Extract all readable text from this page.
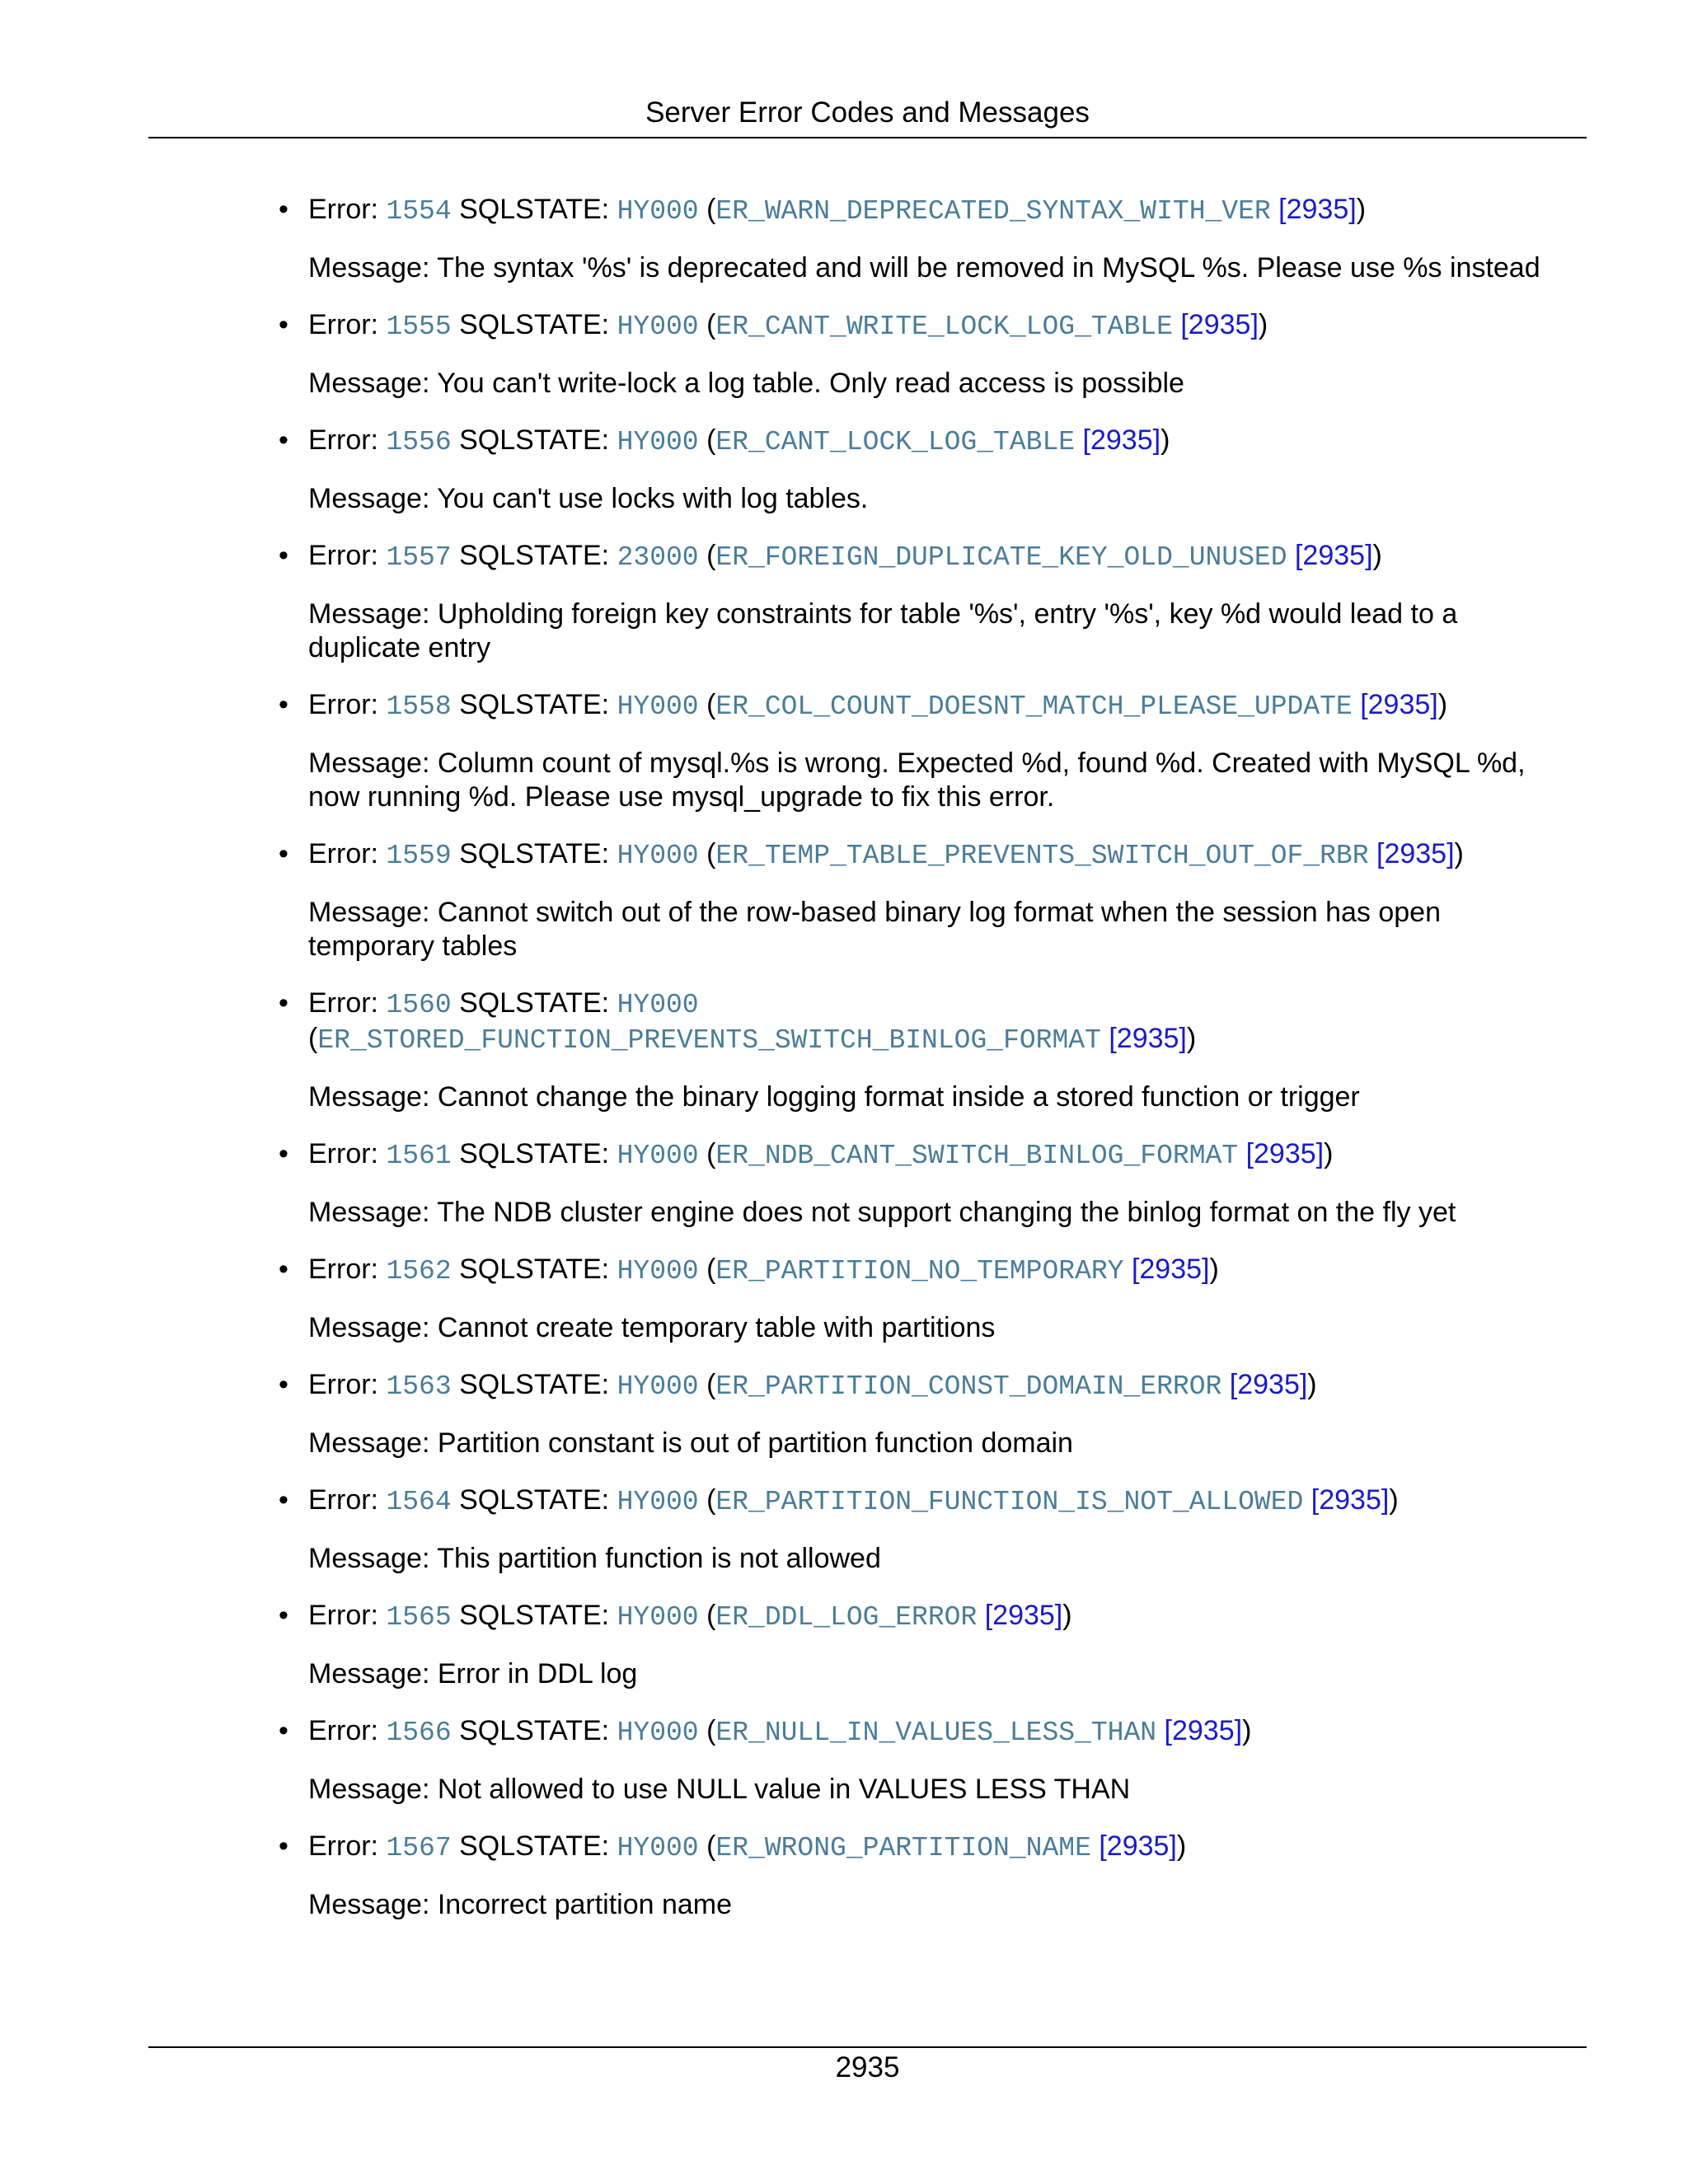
Server Error Codes and Messages
• Error: 1554 SQLSTATE: HY000 (ER_WARN_DEPRECATED_SYNTAX_WITH_VER [2935])

Message: The syntax '%s' is deprecated and will be removed in MySQL %s. Please use %s instead

• Error: 1555 SQLSTATE: HY000 (ER_CANT_WRITE_LOCK_LOG_TABLE [2935])

Message: You can't write-lock a log table. Only read access is possible

• Error: 1556 SQLSTATE: HY000 (ER_CANT_LOCK_LOG_TABLE [2935])

Message: You can't use locks with log tables.

• Error: 1557 SQLSTATE: 23000 (ER_FOREIGN_DUPLICATE_KEY_OLD_UNUSED [2935])

Message: Upholding foreign key constraints for table '%s', entry '%s', key %d would lead to a duplicate entry

• Error: 1558 SQLSTATE: HY000 (ER_COL_COUNT_DOESNT_MATCH_PLEASE_UPDATE [2935])

Message: Column count of mysql.%s is wrong. Expected %d, found %d. Created with MySQL %d, now running %d. Please use mysql_upgrade to fix this error.

• Error: 1559 SQLSTATE: HY000 (ER_TEMP_TABLE_PREVENTS_SWITCH_OUT_OF_RBR [2935])

Message: Cannot switch out of the row-based binary log format when the session has open temporary tables

• Error: 1560 SQLSTATE: HY000
(ER_STORED_FUNCTION_PREVENTS_SWITCH_BINLOG_FORMAT [2935])

Message: Cannot change the binary logging format inside a stored function or trigger

• Error: 1561 SQLSTATE: HY000 (ER_NDB_CANT_SWITCH_BINLOG_FORMAT [2935])

Message: The NDB cluster engine does not support changing the binlog format on the fly yet

• Error: 1562 SQLSTATE: HY000 (ER_PARTITION_NO_TEMPORARY [2935])

Message: Cannot create temporary table with partitions

• Error: 1563 SQLSTATE: HY000 (ER_PARTITION_CONST_DOMAIN_ERROR [2935])

Message: Partition constant is out of partition function domain

• Error: 1564 SQLSTATE: HY000 (ER_PARTITION_FUNCTION_IS_NOT_ALLOWED [2935])

Message: This partition function is not allowed

• Error: 1565 SQLSTATE: HY000 (ER_DDL_LOG_ERROR [2935])

Message: Error in DDL log

• Error: 1566 SQLSTATE: HY000 (ER_NULL_IN_VALUES_LESS_THAN [2935])

Message: Not allowed to use NULL value in VALUES LESS THAN

• Error: 1567 SQLSTATE: HY000 (ER_WRONG_PARTITION_NAME [2935])

Message: Incorrect partition name

2935
